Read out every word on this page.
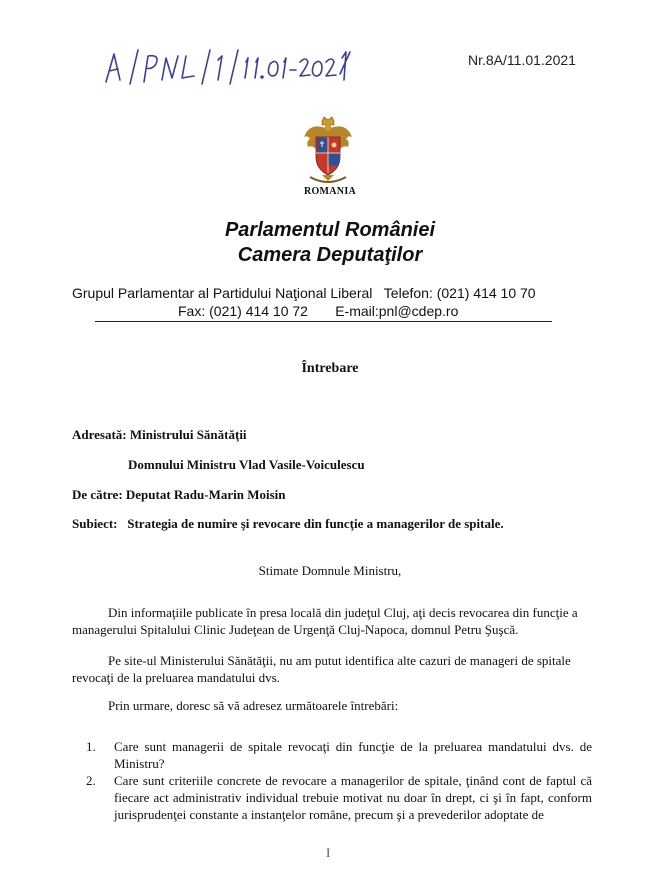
Nr.8A/11.01.2021
ROMANIA
Parlamentul României
Camera Deputaţilor
Grupul Parlamentar al Partidului Naţional Liberal   Telefon: (021) 414 10 70
Fax: (021) 414 10 72       E-mail:pnl@cdep.ro
Întrebare
Adresată: Ministrului Sănătăţii
Domnului Ministru Vlad Vasile-Voiculescu
De către: Deputat Radu-Marin Moisin
Subiect: Strategia de numire şi revocare din funcţie a managerilor de spitale.
Stimate Domnule Ministru,
Din informaţiile publicate în presa locală din judeţul Cluj, aţi decis revocarea din funcţie a managerului Spitalului Clinic Judeţean de Urgenţă Cluj-Napoca, domnul Petru Şuşcă.
Pe site-ul Ministerului Sănătăţii, nu am putut identifica alte cazuri de manageri de spitale revocaţi de la preluarea mandatului dvs.
Prin urmare, doresc să vă adresez următoarele întrebări:
1.	Care sunt managerii de spitale revocaţi din funcţie de la preluarea mandatului dvs. de Ministru?
2.	Care sunt criteriile concrete de revocare a managerilor de spitale, ţinând cont de faptul că fiecare act administrativ individual trebuie motivat nu doar în drept, ci şi în fapt, conform jurisprudenţei constante a instanţelor române, precum şi a prevederilor adoptate de
I
